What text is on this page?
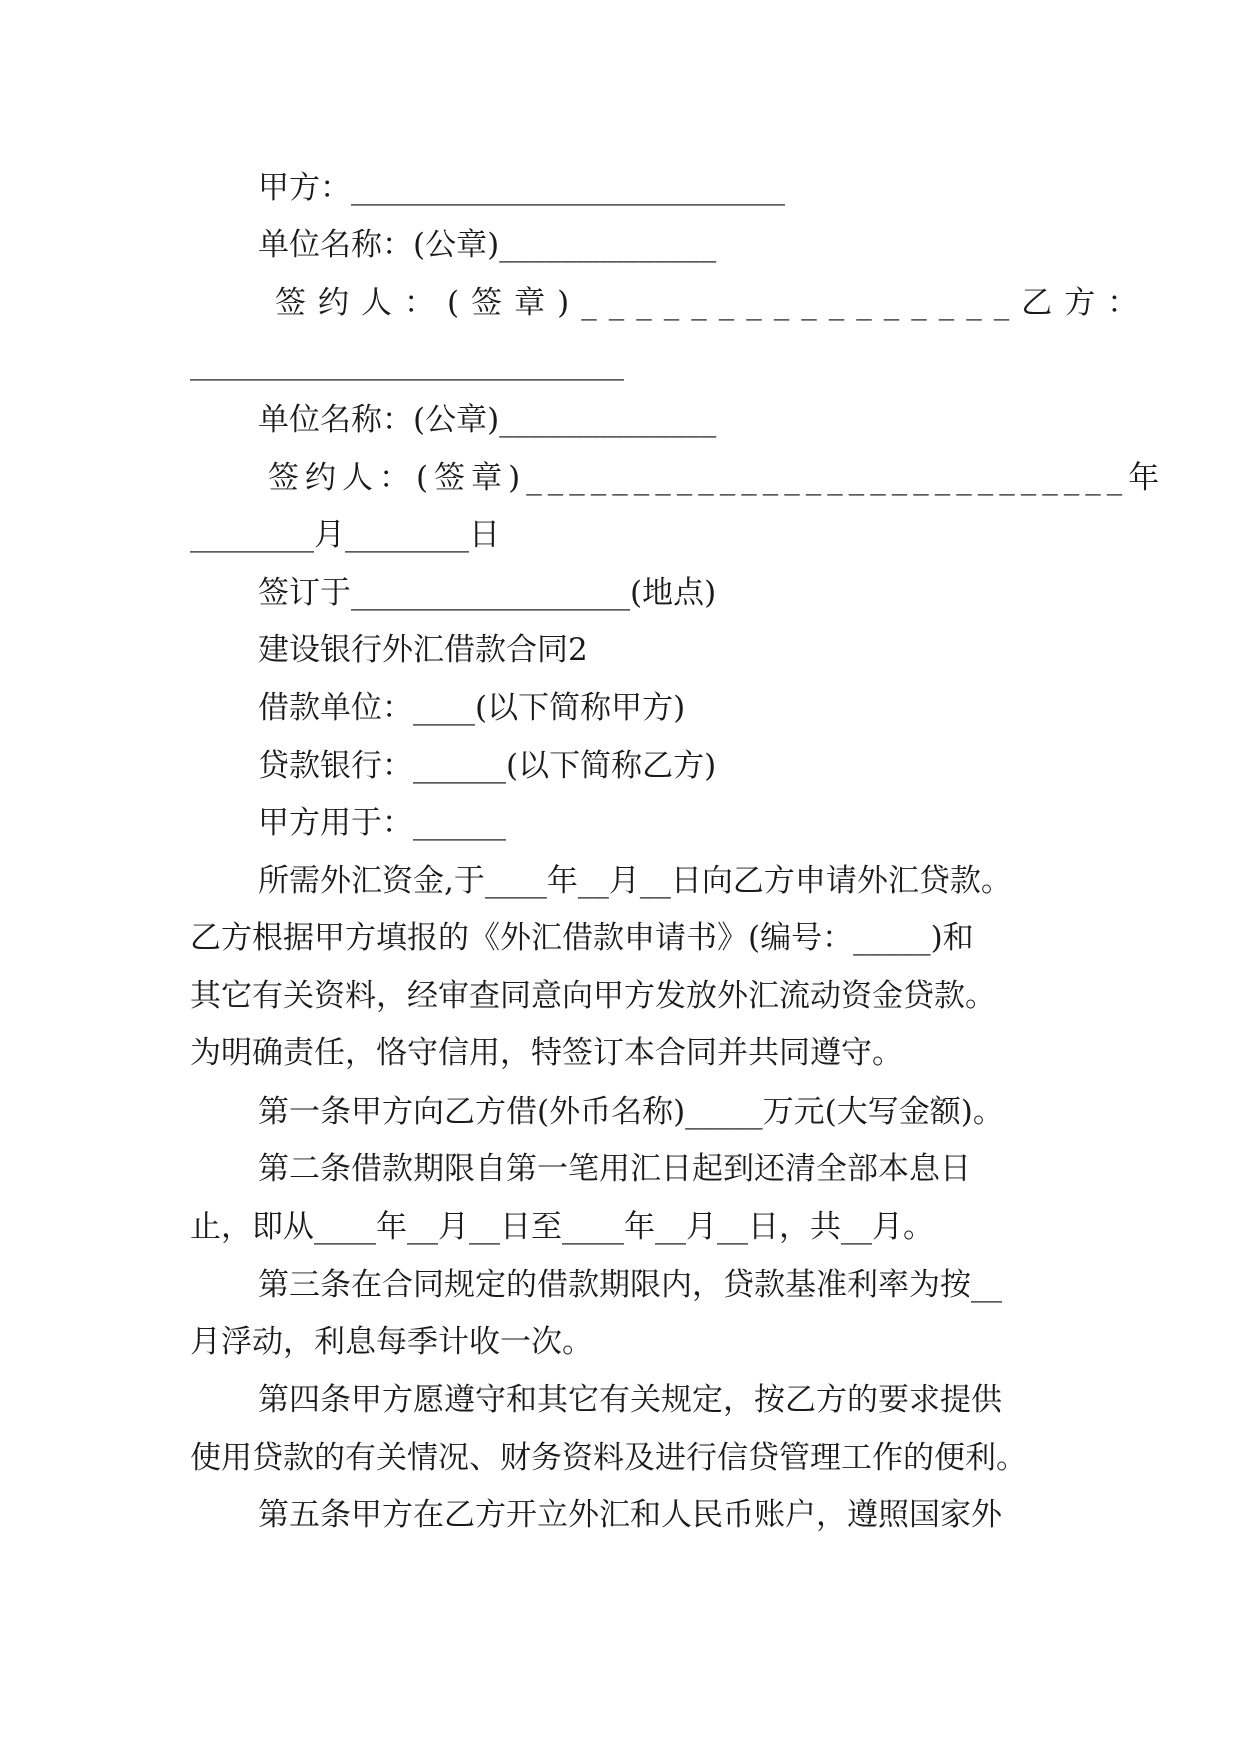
甲方：____________________________
单位名称：(公章)______________
签约人：(签章)________________ 乙方：
____________________________
单位名称：(公章)______________
签约人：(签章)____________________________ 年
________月________日
签订于__________________(地点)
建设银行外汇借款合同2
借款单位：____(以下简称甲方)
贷款银行：______(以下简称乙方)
甲方用于：______
所需外汇资金,于____年__月__日向乙方申请外汇贷款。
乙方根据甲方填报的《外汇借款申请书》(编号：_____)和
其它有关资料，经审查同意向甲方发放外汇流动资金贷款。
为明确责任，恪守信用，特签订本合同并共同遵守。
第一条甲方向乙方借(外币名称)_____万元(大写金额)。
第二条借款期限自第一笔用汇日起到还清全部本息日
止，即从____年__月__日至____年__月__日，共__月。
第三条在合同规定的借款期限内，贷款基准利率为按__
月浮动，利息每季计收一次。
第四条甲方愿遵守和其它有关规定，按乙方的要求提供
使用贷款的有关情况、财务资料及进行信贷管理工作的便利。
第五条甲方在乙方开立外汇和人民币账户，遵照国家外
